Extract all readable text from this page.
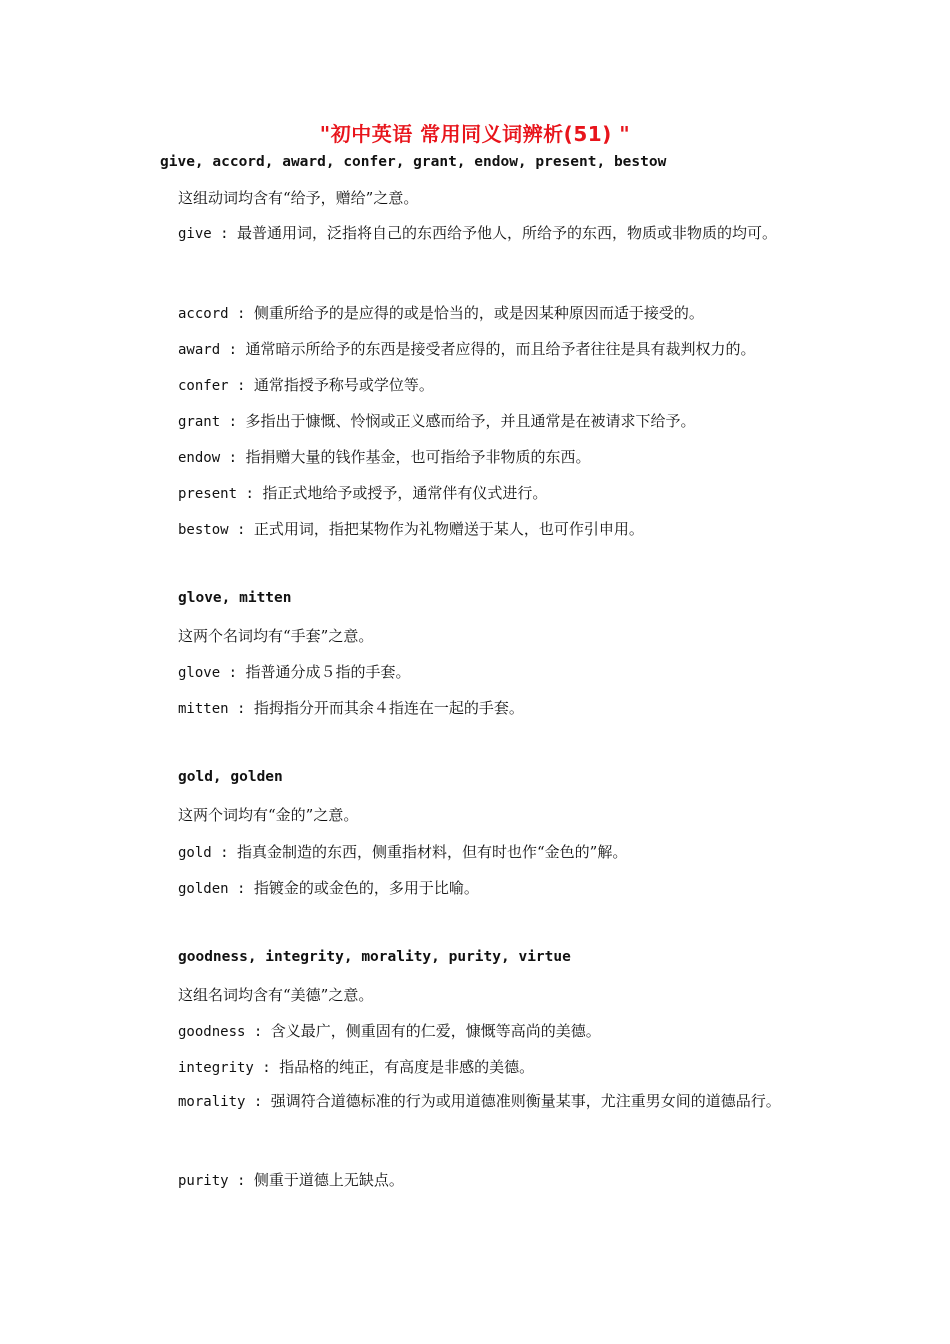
"初中英语 常用同义词辨析(51) "
give, accord, award, confer, grant, endow, present, bestow
这组动词均含有“给予，赠给”之意。
give : 最普通用词，泛指将自己的东西给予他人，所给予的东西，物质或非物质的均可。
accord : 侧重所给予的是应得的或是恰当的，或是因某种原因而适于接受的。
award : 通常暗示所给予的东西是接受者应得的，而且给予者往往是具有裁判权力的。
confer : 通常指授予称号或学位等。
grant : 多指出于慷慨、怜悯或正义感而给予，并且通常是在被请求下给予。
endow : 指捐赠大量的钱作基金，也可指给予非物质的东西。
present : 指正式地给予或授予，通常伴有仪式进行。
bestow : 正式用词，指把某物作为礼物赠送于某人，也可作引申用。
glove, mitten
这两个名词均有“手套”之意。
glove : 指普通分成５指的手套。
mitten : 指拇指分开而其余４指连在一起的手套。
gold, golden
这两个词均有“金的”之意。
gold : 指真金制造的东西，侧重指材料，但有时也作“金色的”解。
golden : 指镀金的或金色的，多用于比喻。
goodness, integrity, morality, purity, virtue
这组名词均含有“美德”之意。
goodness : 含义最广，侧重固有的仁爱，慷慨等高尚的美德。
integrity : 指品格的纯正，有高度是非感的美德。
morality : 强调符合道德标准的行为或用道德准则衡量某事，尤注重男女间的道德品行。
purity : 侧重于道德上无缺点。
